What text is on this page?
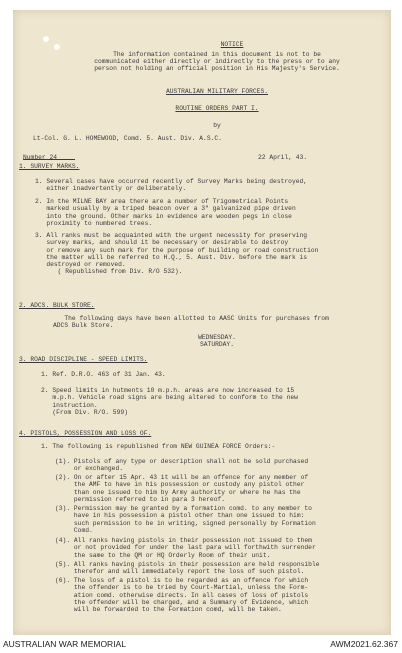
NOTICE
The information contained in this document is not to be
communicated either directly or indirectly to the press or to any
person not holding an official position in His Majesty's Service.
AUSTRALIAN MILITARY FORCES.
ROUTINE ORDERS PART I.
by
Lt-Col. G. L. HOMEWOOD, Comd. 5. Aust. Div. A.S.C.
Number 24	22 April, 43.
1. SURVEY MARKS.
1. Several cases have occurred recently of Survey Marks being destroyed,
either inadvertently or deliberately.
2. In the MILNE BAY area there are a number of Trigometrical Points
marked usually by a triped beacon over a 3" galvanized pipe driven
into the ground. Other marks in evidence are wooden pegs in close
proximity to numbered trees.
3. All ranks must be acquainted with the urgent necessity for preserving
survey marks, and should it be necessary or desirable to destroy
or remove any such mark for the purpose of building or road construction
the matter will be referred to H.Q., 5. Aust. Div. before the mark is
destroyed or removed.
( Republished from Div. R/O 532).
2. ADCS. BULK STORE.
The following days have been allotted to AASC Units for purchases from
ADCS Bulk Store.
WEDNESDAY.
SATURDAY.
3. ROAD DISCIPLINE - SPEED LIMITS.
1. Ref. D.R.O. 463 of 31 Jan. 43.
2. Speed limits in hutments 10 m.p.h. areas are now increased to 15
m.p.h. Vehicle road signs are being altered to conform to the new
instruction.
(From Div. R/O. 599)
4. PISTOLS, POSSESSION AND LOSS OF.
1. The following is republished from NEW GUINEA FORCE Orders:-
(1). Pistols of any type or description shall not be sold purchased
or exchanged.
(2). On or after 15 Apr. 43 it will be an offence for any member of
the AMF to have in his possession or custody any pistol other
than one issued to him by Army authority or where he has the
permission referred to in para 3 hereof.
(3). Permission may be granted by a formation comd. to any member to
have in his possession a pistol other than one issued to him:
such permission to be in writing, signed personally by Formation
Comd.
(4). All ranks having pistols in their possession not issued to them
or not provided for under the last para will forthwith surrender
the same to the QM or HQ Orderly Room of their unit.
(5). All ranks having pistols in their possession are held responsible
therefor and will immediately report the loss of such pistol.
(6). The loss of a pistol is to be regarded as an offence for which
the offender is to be tried by Court-Martial, unless the Form-
ation comd. otherwise directs. In all cases of loss of pistols
the offender will be charged, and a Summary of Evidence, which
will be forwarded to the Formation comd, will be taken.
AUSTRALIAN WAR MEMORIAL	AWM2021.62.367
